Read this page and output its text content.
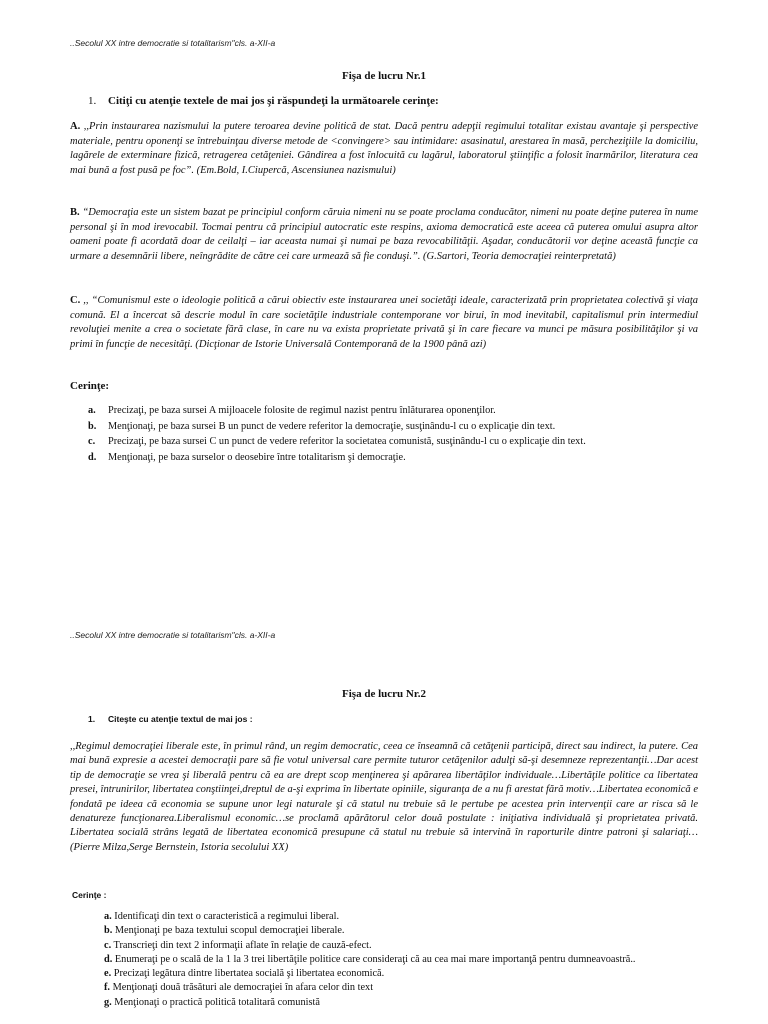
..Secolul XX intre democratie si totalitarism"cls. a-XII-a
Fişa de lucru Nr.1
1. Citiţi cu atenţie textele de mai jos şi răspundeţi la următoarele cerinţe:

A. ,,Prin instaurarea nazismului la putere teroarea devine politică de stat. Dacă pentru adepţii regimului totalitar existau avantaje şi perspective materiale, pentru oponenţi se întrebuinţau diverse metode de <convingere> sau intimidare: asasinatul, arestarea în masă, percheziţiile la domiciliu, lagărele de exterminare fizică, retragerea cetăţeniei. Gândirea a fost înlocuită cu lagărul, laboratorul ştiinţific a folosit înarmărilor, literatura cea mai bună a fost pusă pe foc”. (Em.Bold, I.Ciupercă, Ascensiunea nazismului)

B. “Democraţia este un sistem bazat pe principiul conform căruia nimeni nu se poate proclama conducător, nimeni nu poate deţine puterea în nume personal şi în mod irevocabil. Tocmai pentru că principiul autocratic este respins, axioma democratică este aceea că puterea omului asupra altor oameni poate fi acordată doar de ceilalţi – iar aceasta numai şi numai pe baza revocabilităţii. Aşadar, conducătorii vor deţine această funcţie ca urmare a desemnării libere, neîngrădite de către cei care urmează să fie conduşi.”. (G.Sartori, Teoria democraţiei reinterpretată)

C. ,, “Comunismul este o ideologie politică a cărui obiectiv este instaurarea unei societăţi ideale, caracterizată prin proprietatea colectivă şi viaţa comună. El a încercat să descrie modul în care societăţile industriale contemporane vor birui, în mod inevitabil, capitalismul prin intermediul revoluţiei menite a crea o societate fără clase, în care nu va exista proprietate privată şi în care fiecare va munci pe măsura posibilităţilor şi va primi în funcţie de necesităţi. (Dicţionar de Istorie Universală Contemporană de la 1900 până azi)

Cerinţe:
a. Precizaţi, pe baza sursei A mijloacele folosite de regimul nazist pentru înlăturarea oponenţilor.
b. Menţionaţi, pe baza sursei B un punct de vedere referitor la democraţie, susţinându-l cu o explicaţie din text.
c. Precizaţi, pe baza sursei C un punct de vedere referitor la societatea comunistă, susţinându-l cu o explicaţie din text.
d. Menţionaţi, pe baza surselor o deosebire între totalitarism şi democraţie.
..Secolul XX intre democratie si totalitarism"cls. a-XII-a
Fişa de lucru Nr.2
1. Citeşte cu atenţie textul de mai jos :

,,Regimul democraţiei liberale este, în primul rând, un regim democratic, ceea ce înseamnă că cetăţenii participă, direct sau indirect, la putere. Cea mai bună expresie a acestei democraţii pare să fie votul universal care permite tuturor cetăţenilor adulţi să-şi desemneze reprezentanţii…Dar acest tip de democraţie se vrea şi liberală pentru că ea are drept scop menţinerea şi apărarea libertăţilor individuale…Libertăţile politice ca libertatea presei, întrunirilor, libertatea conştiinţei,dreptul de a-şi exprima în libertate opiniile, siguranţa de a nu fi arestat fără motiv…Libertatea economică e fondată pe ideea că economia se supune unor legi naturale şi că statul nu trebuie să le pertube pe acestea prin intervenţii care ar risca să le denatureze funcţionarea.Liberalismul economic…se proclamă apărătorul celor două postulate : iniţiativa individuală şi proprietatea privată. Libertatea socială strâns legată de libertatea economică presupune că statul nu trebuie să intervină în raporturile dintre patroni şi salariaţi… (Pierre Milza,Serge Bernstein, Istoria secolului XX)

Cerinţe :
a. Identificaţi din text o caracteristică a regimului liberal.
b. Menţionaţi pe baza textului scopul democraţiei liberale.
c. Transcrieţi din text 2 informaţii aflate în relaţie de cauză-efect.
d. Enumeraţi pe o scală de la 1 la 3 trei libertăţile politice care consideraţi că au cea mai mare importanţă pentru dumneavoastră..
e. Precizaţi legătura dintre libertatea socială şi libertatea economică.
f. Menţionaţi două trăsături ale democraţiei în afara celor din text
g. Menţionaţi o practică politică totalitară comunistă
